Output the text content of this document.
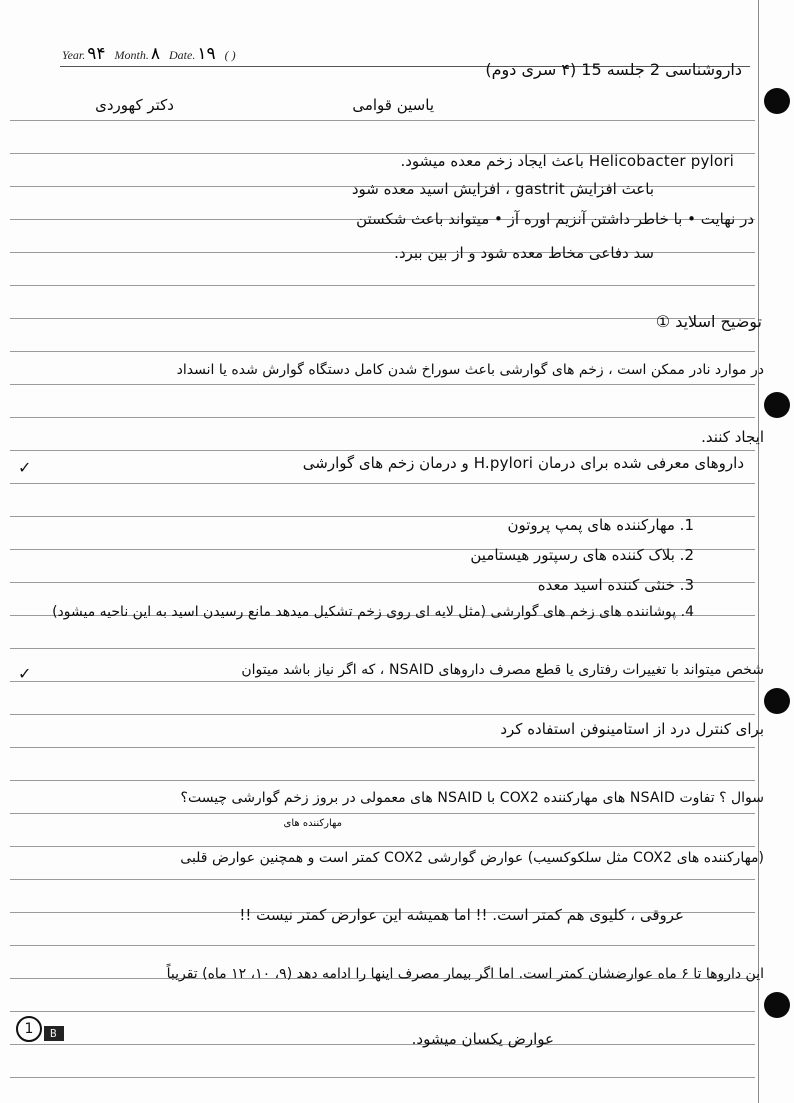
Year. ۹۴ Month. ۸ Date. ۱۹ ( )
داروشناسی 2 جلسه 15 (۴ سری دوم)
دکتر کهوردی	یاسین قوامی
Helicobacter pylori باعث ایجاد زخم معده میشود.
باعث افزایش gastrit ، افزایش اسید معده شود
در نهایت • با خاطر داشتن آنزیم اوره آز • میتواند باعث شکستن
سد دفاعی مخاط معده شود و از بین ببرد.
توضیح اسلاید ①
در موارد نادر ممکن است ، زخم های گوارشی باعث سوراخ شدن کامل دستگاه گوارش شده یا انسداد
ایجاد کنند.
✓	داروهای معرفی شده برای درمان H.pylori و درمان زخم های گوارشی
1. مهارکننده های پمپ پروتون
2. بلاک کننده های رسپتور هیستامین
3. خنثی کننده اسید معده
4. پوشاننده های زخم های گوارشی (مثل لایه ای روی زخم تشکیل میدهد مانع رسیدن اسید به این ناحیه میشود)
✓	شخص میتواند با تغییرات رفتاری یا قطع مصرف داروهای NSAID ، که اگر نیاز باشد میتوان
برای کنترل درد از استامینوفن استفاده کرد
سوال ؟ تفاوت NSAID های مهارکننده COX2 با NSAID های معمولی در بروز زخم گوارشی چیست؟
مهارکننده های
(مهارکننده های COX2 مثل سلکوکسیب) عوارض گوارشی COX2 کمتر است و همچنین عوارض قلبی
عروقی ، کلیوی هم کمتر است. !! اما همیشه این عوارض کمتر نیست !!
این داروها تا ۶ ماه عوارضشان کمتر است. اما اگر بیمار مصرف اینها را ادامه دهد (۹، ۱۰، ۱۲ ماه) تقریباً
عوارض یکسان میشود.
1	B
